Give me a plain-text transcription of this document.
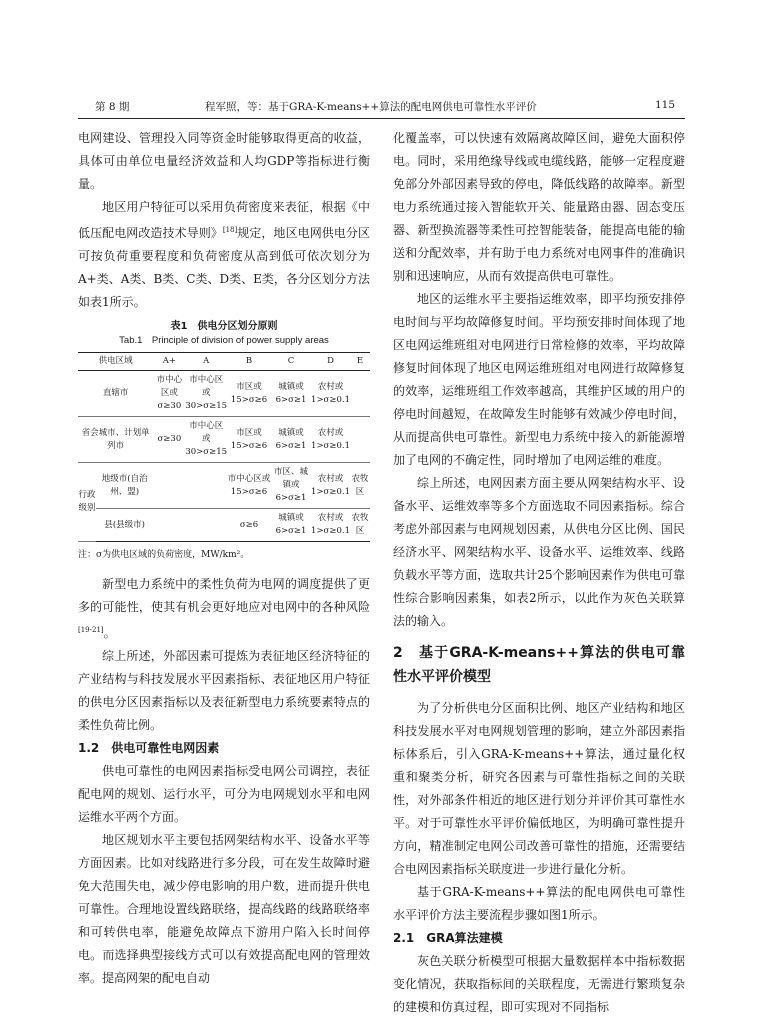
第 8 期	程军照，等：基于GRA-K-means++算法的配电网供电可靠性水平评价	115

电网建设、管理投入同等资金时能够取得更高的收益，具体可由单位电量经济效益和人均GDP等指标进行衡量。

地区用户特征可以采用负荷密度来表征，根据《中低压配电网改造技术导则》[18]规定，地区电网供电分区可按负荷重要程度和负荷密度从高到低可依次划分为A+类、A类、B类、C类、D类、E类，各分区划分方法如表1所示。

表1　供电分区划分原则
Tab.1　Principle of division of power supply areas
供电区域		A+	A	B	C	D	E
直辖市		市中心区或σ≥30	市中心区或30>σ≥15	市区或15>σ≥6	城镇或6>σ≥1	农村或1>σ≥0.1	
省会城市、计划单列市		σ≥30	市中心区或30>σ≥15	市区或15>σ≥6	城镇或6>σ≥1	农村或1>σ≥0.1	
行政级别	地级市(自治州、盟)			市中心区或15>σ≥6	市区、城镇或6>σ≥1	农村或1>σ≥0.1	农牧区
	县(县级市)			σ≥6	城镇或6>σ≥1	农村或1>σ≥0.1	农牧区
注：σ为供电区域的负荷密度，MW/km²。

新型电力系统中的柔性负荷为电网的调度提供了更多的可能性，使其有机会更好地应对电网中的各种风险[19-21]。

综上所述，外部因素可提炼为表征地区经济特征的产业结构与科技发展水平因素指标、表征地区用户特征的供电分区因素指标以及表征新型电力系统要素特点的柔性负荷比例。

1.2　供电可靠性电网因素

供电可靠性的电网因素指标受电网公司调控，表征配电网的规划、运行水平，可分为电网规划水平和电网运维水平两个方面。

地区规划水平主要包括网架结构水平、设备水平等方面因素。比如对线路进行多分段，可在发生故障时避免大范围失电，减少停电影响的用户数，进而提升供电可靠性。合理地设置线路联络，提高线路的线路联络率和可转供电率，能避免故障点下游用户陷入长时间停电。而选择典型接线方式可以有效提高配电网的管理效率。提高网架的配电自动

化覆盖率，可以快速有效隔离故障区间，避免大面积停电。同时，采用绝缘导线或电缆线路，能够一定程度避免部分外部因素导致的停电，降低线路的故障率。新型电力系统通过接入智能软开关、能量路由器、固态变压器、新型换流器等柔性可控智能装备，能提高电能的输送和分配效率，并有助于电力系统对电网事件的准确识别和迅速响应，从而有效提高供电可靠性。

地区的运维水平主要指运维效率，即平均预安排停电时间与平均故障修复时间。平均预安排时间体现了地区电网运维班组对电网进行日常检修的效率，平均故障修复时间体现了地区电网运维班组对电网进行故障修复的效率，运维班组工作效率越高，其维护区域的用户的停电时间越短，在故障发生时能够有效减少停电时间，从而提高供电可靠性。新型电力系统中接入的新能源增加了电网的不确定性，同时增加了电网运维的难度。

综上所述，电网因素方面主要从网架结构水平、设备水平、运维效率等多个方面选取不同因素指标。综合考虑外部因素与电网规划因素，从供电分区比例、国民经济水平、网架结构水平、设备水平、运维效率、线路负载水平等方面，选取共计25个影响因素作为供电可靠性综合影响因素集，如表2所示，以此作为灰色关联算法的输入。

2　基于GRA-K-means++算法的供电可靠性水平评价模型

为了分析供电分区面积比例、地区产业结构和地区科技发展水平对电网规划管理的影响，建立外部因素指标体系后，引入GRA-K-means++算法，通过量化权重和聚类分析，研究各因素与可靠性指标之间的关联性，对外部条件相近的地区进行划分并评价其可靠性水平。对于可靠性水平评价偏低地区，为明确可靠性提升方向，精准制定电网公司改善可靠性的措施，还需要结合电网因素指标关联度进一步进行量化分析。

基于GRA-K-means++算法的配电网供电可靠性水平评价方法主要流程步骤如图1所示。

2.1　GRA算法建模

灰色关联分析模型可根据大量数据样本中指标数据变化情况，获取指标间的关联程度，无需进行繁琐复杂的建模和仿真过程，即可实现对不同指标
